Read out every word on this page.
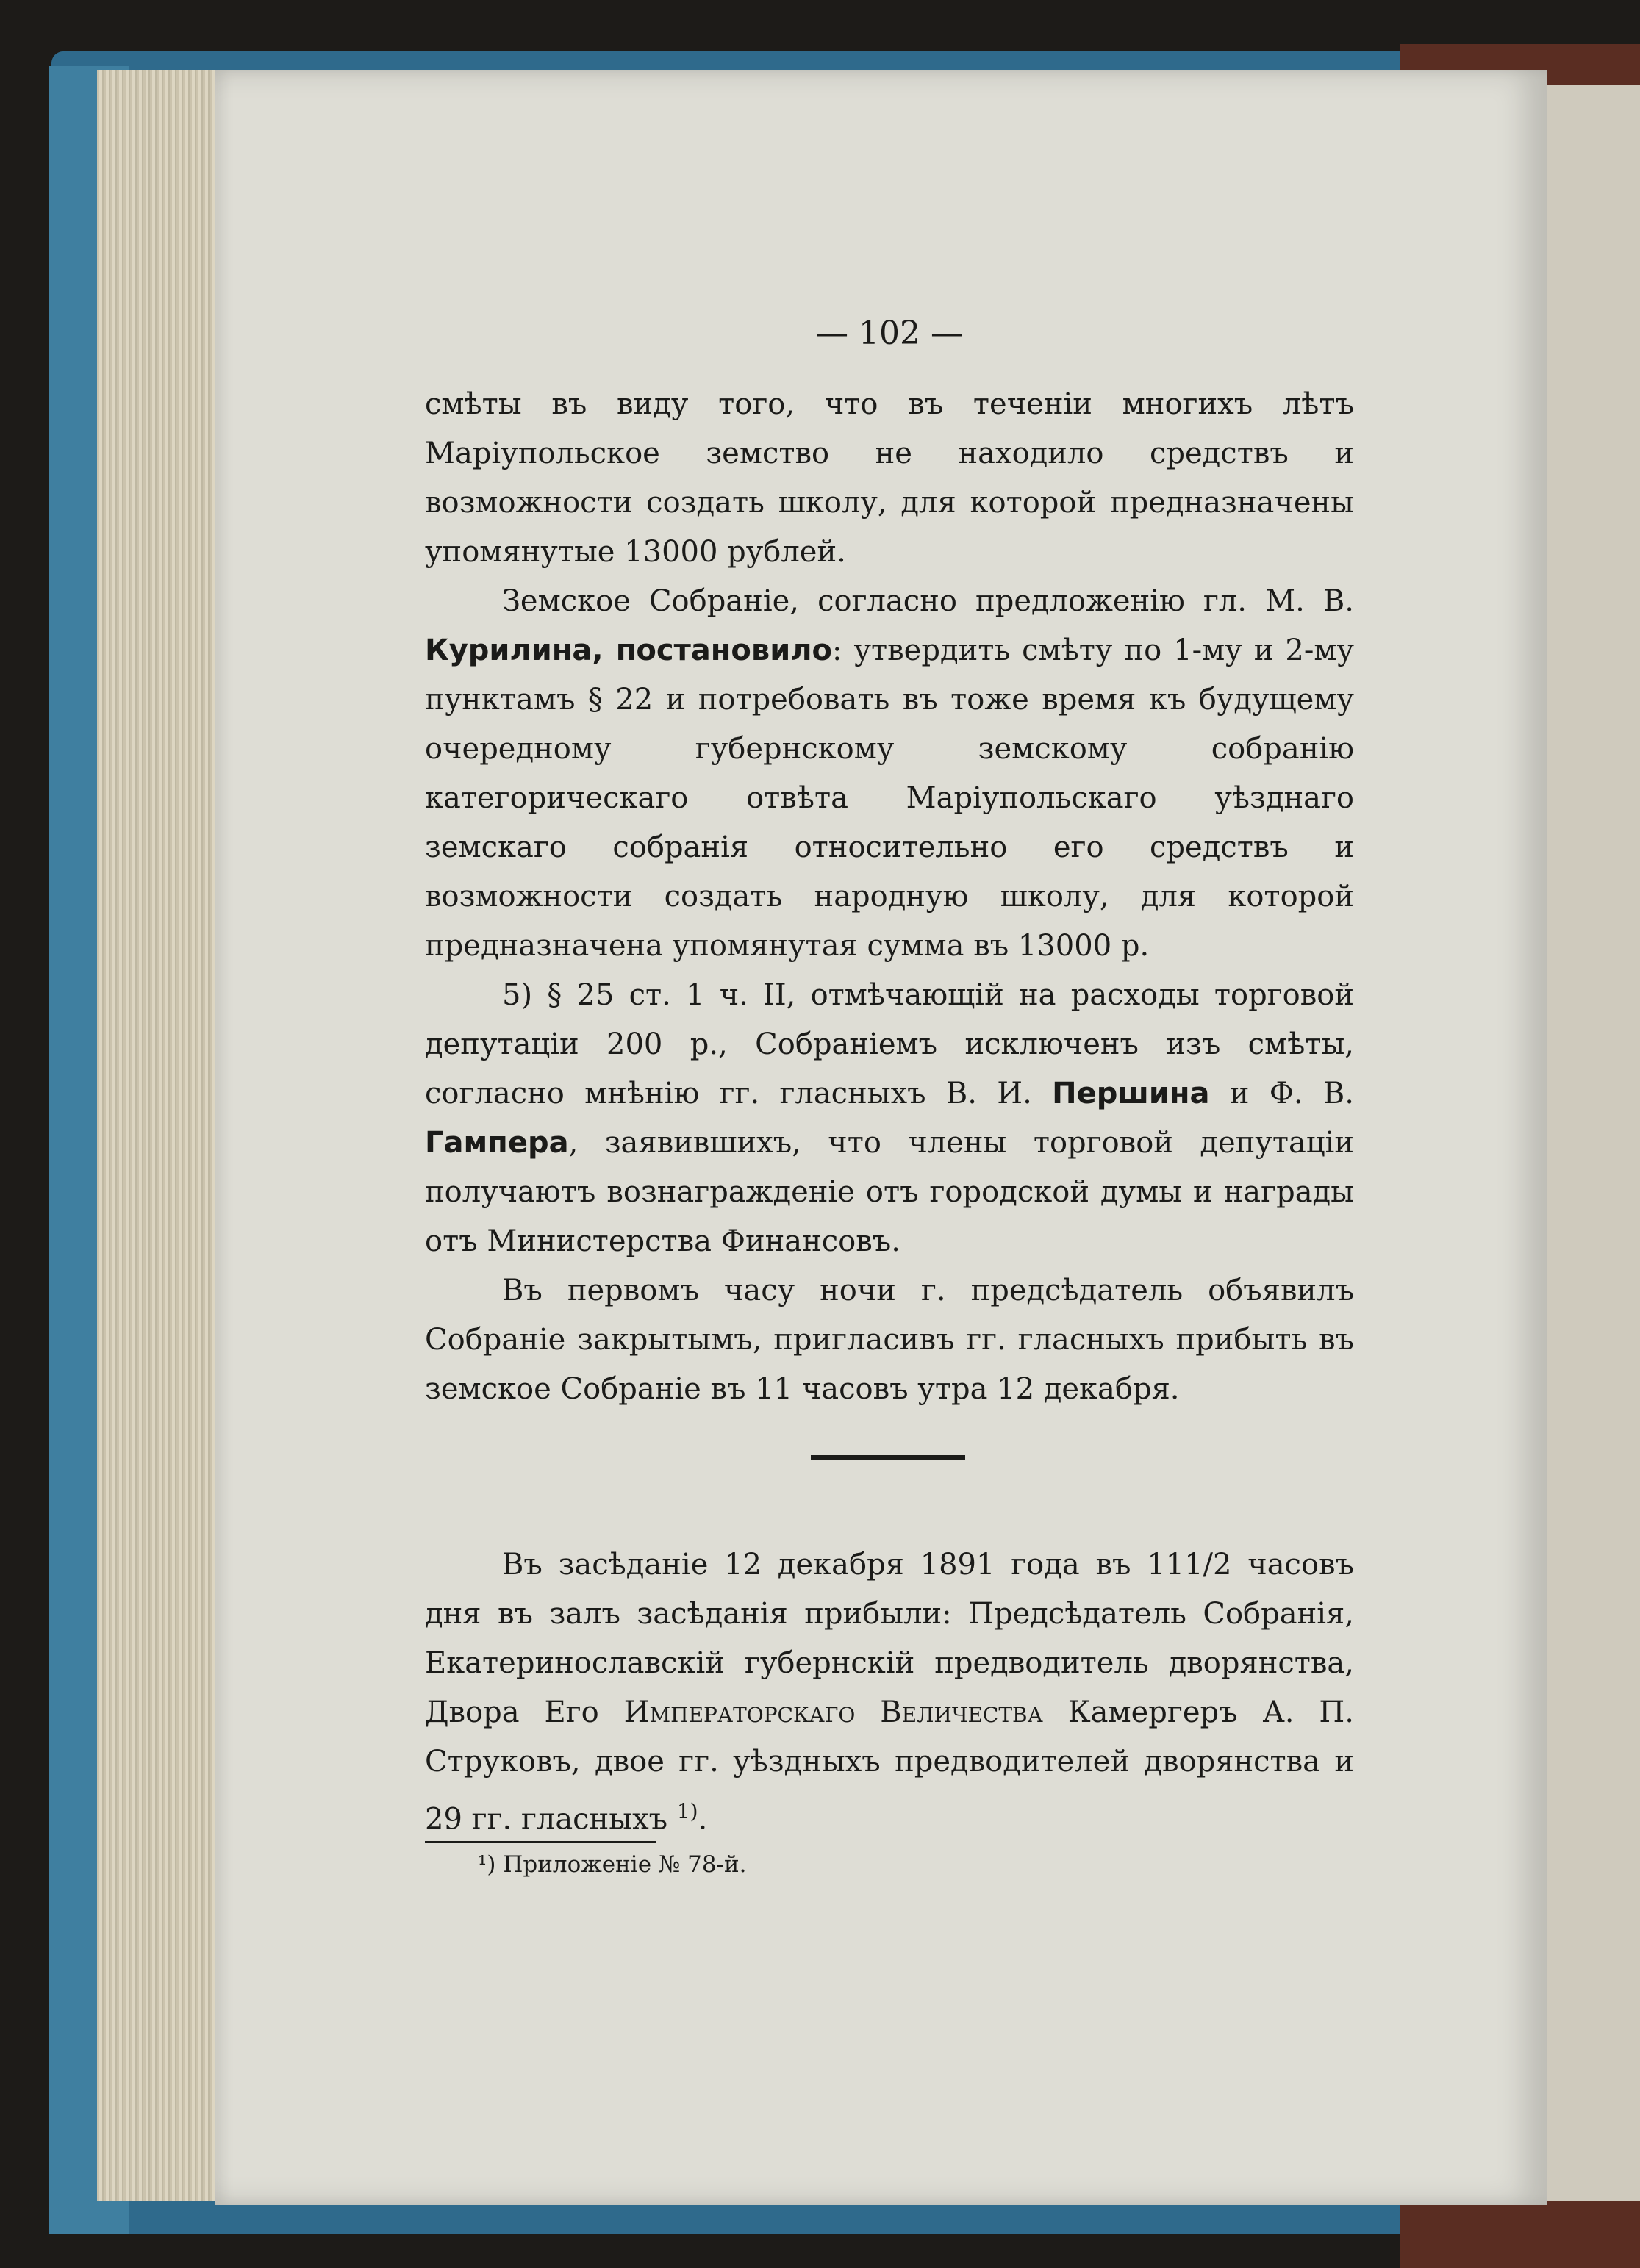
— 102 —

смѣты въ виду того, что въ теченіи многихъ лѣтъ Маріупольское земство не находило средствъ и возможности создать школу, для которой предназначены упомянутые 13000 рублей.

Земское Собраніе, согласно предложенію гл. М. В. Курилина, постановило: утвердить смѣту по 1-му и 2-му пунктамъ § 22 и потребовать въ тоже время къ будущему очередному губернскому земскому собранію категорическаго отвѣта Маріупольскаго уѣзднаго земскаго собранія относительно его средствъ и возможности создать народную школу, для которой предназначена упомянутая сумма въ 13000 р.

5) § 25 ст. 1 ч. II, отмѣчающій на расходы торговой депутаціи 200 р., Собраніемъ исключенъ изъ смѣты, согласно мнѣнію гг. гласныхъ В. И. Першина и Ф. В. Гампера, заявившихъ, что члены торговой депутаціи получаютъ вознагражденіе отъ городской думы и награды отъ Министерства Финансовъ.

Въ первомъ часу ночи г. предсѣдатель объявилъ Собраніе закрытымъ, пригласивъ гг. гласныхъ прибыть въ земское Собраніе въ 11 часовъ утра 12 декабря.

Въ засѣданіе 12 декабря 1891 года въ 111/2 часовъ дня въ залъ засѣданія прибыли: Предсѣдатель Собранія, Екатеринославскій губернскій предводитель дворянства, Двора Его Императорскаго Величества Камергеръ А. П. Струковъ, двое гг. уѣздныхъ предводителей дворянства и 29 гг. гласныхъ $^{1)}$.

¹) Приложеніе № 78-й.
